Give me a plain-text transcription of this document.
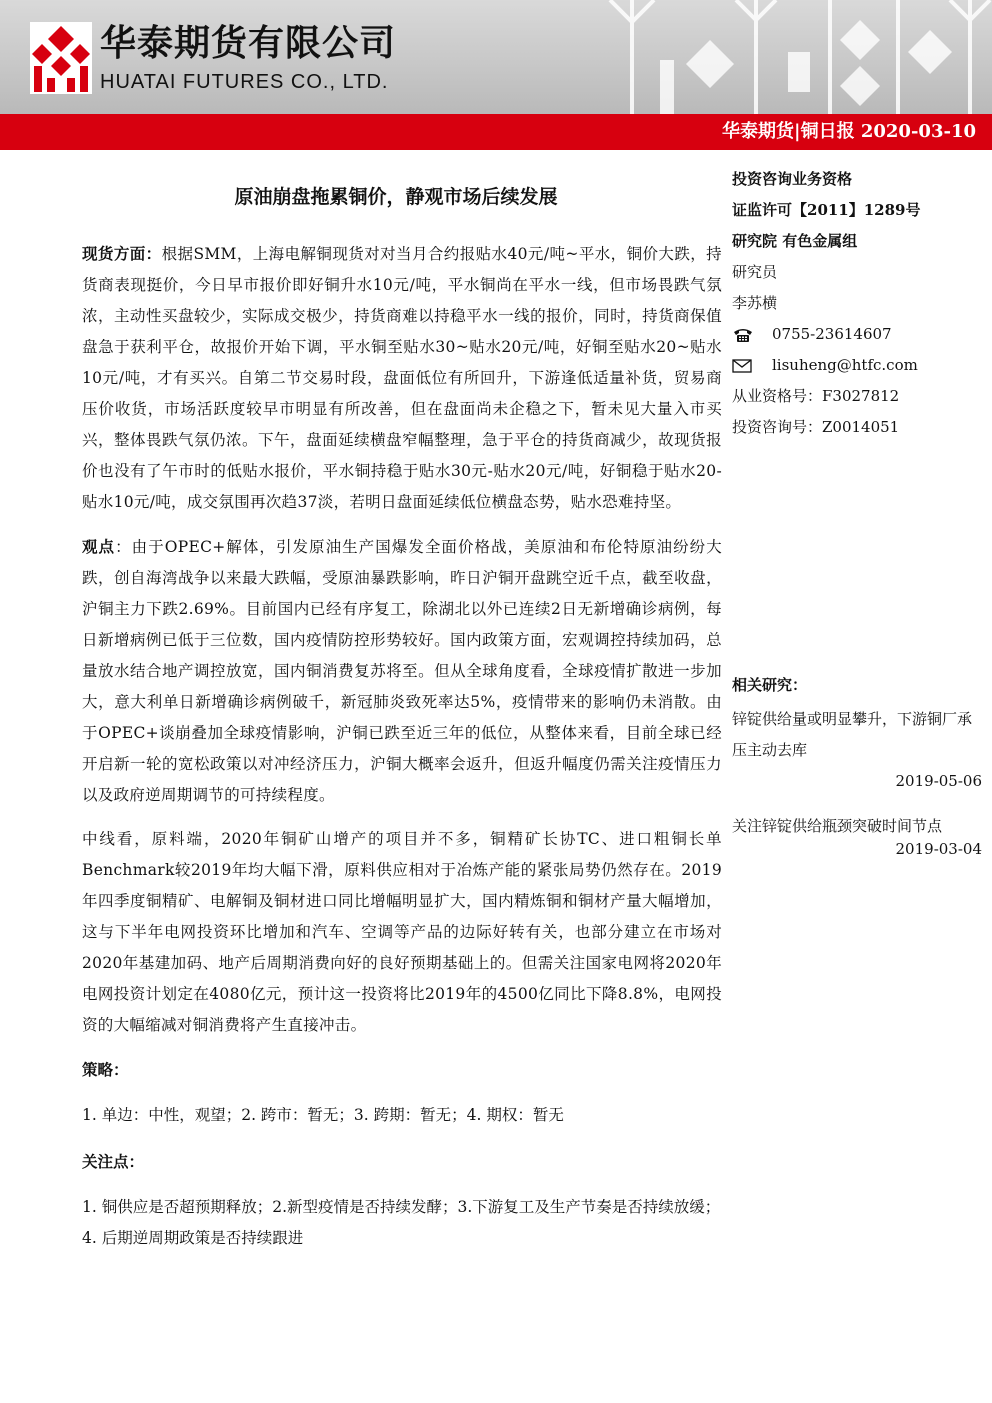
华泰期货有限公司
HUATAI FUTURES CO., LTD.
华泰期货|铜日报 2020-03-10
原油崩盘拖累铜价，静观市场后续发展

现货方面：根据SMM，上海电解铜现货对对当月合约报贴水40元/吨~平水，铜价大跌，持货商表现挺价，今日早市报价即好铜升水10元/吨，平水铜尚在平水一线，但市场畏跌气氛浓，主动性买盘较少，实际成交极少，持货商难以持稳平水一线的报价，同时，持货商保值盘急于获利平仓，故报价开始下调，平水铜至贴水30~贴水20元/吨，好铜至贴水20~贴水10元/吨，才有买兴。自第二节交易时段，盘面低位有所回升，下游逢低适量补货，贸易商压价收货，市场活跃度较早市明显有所改善，但在盘面尚未企稳之下，暂未见大量入市买兴，整体畏跌气氛仍浓。下午，盘面延续横盘窄幅整理，急于平仓的持货商减少，故现货报价也没有了午市时的低贴水报价，平水铜持稳于贴水30元-贴水20元/吨，好铜稳于贴水20-贴水10元/吨，成交氛围再次趋37淡，若明日盘面延续低位横盘态势，贴水恐难持坚。

观点：由于OPEC+解体，引发原油生产国爆发全面价格战，美原油和布伦特原油纷纷大跌，创自海湾战争以来最大跌幅，受原油暴跌影响，昨日沪铜开盘跳空近千点，截至收盘，沪铜主力下跌2.69%。目前国内已经有序复工，除湖北以外已连续2日无新增确诊病例，每日新增病例已低于三位数，国内疫情防控形势较好。国内政策方面，宏观调控持续加码，总量放水结合地产调控放宽，国内铜消费复苏将至。但从全球角度看，全球疫情扩散进一步加大，意大利单日新增确诊病例破千，新冠肺炎致死率达5%，疫情带来的影响仍未消散。由于OPEC+谈崩叠加全球疫情影响，沪铜已跌至近三年的低位，从整体来看，目前全球已经开启新一轮的宽松政策以对冲经济压力，沪铜大概率会返升，但返升幅度仍需关注疫情压力以及政府逆周期调节的可持续程度。

中线看，原料端，2020年铜矿山增产的项目并不多，铜精矿长协TC、进口粗铜长单Benchmark较2019年均大幅下滑，原料供应相对于冶炼产能的紧张局势仍然存在。2019年四季度铜精矿、电解铜及铜材进口同比增幅明显扩大，国内精炼铜和铜材产量大幅增加，这与下半年电网投资环比增加和汽车、空调等产品的边际好转有关，也部分建立在市场对2020年基建加码、地产后周期消费向好的良好预期基础上的。但需关注国家电网将2020年电网投资计划定在4080亿元，预计这一投资将比2019年的4500亿同比下降8.8%，电网投资的大幅缩减对铜消费将产生直接冲击。

策略：
1. 单边：中性，观望；2. 跨市：暂无；3. 跨期：暂无；4. 期权：暂无
关注点：
1. 铜供应是否超预期释放；2.新型疫情是否持续发酵；3.下游复工及生产节奏是否持续放缓；4. 后期逆周期政策是否持续跟进
投资咨询业务资格
证监许可【2011】1289号
研究院 有色金属组
研究员
李苏横
0755-23614607
lisuheng@htfc.com
从业资格号：F3027812
投资咨询号：Z0014051
相关研究：
锌锭供给量或明显攀升，下游铜厂承压主动去库
2019-05-06
关注锌锭供给瓶颈突破时间节点
2019-03-04
